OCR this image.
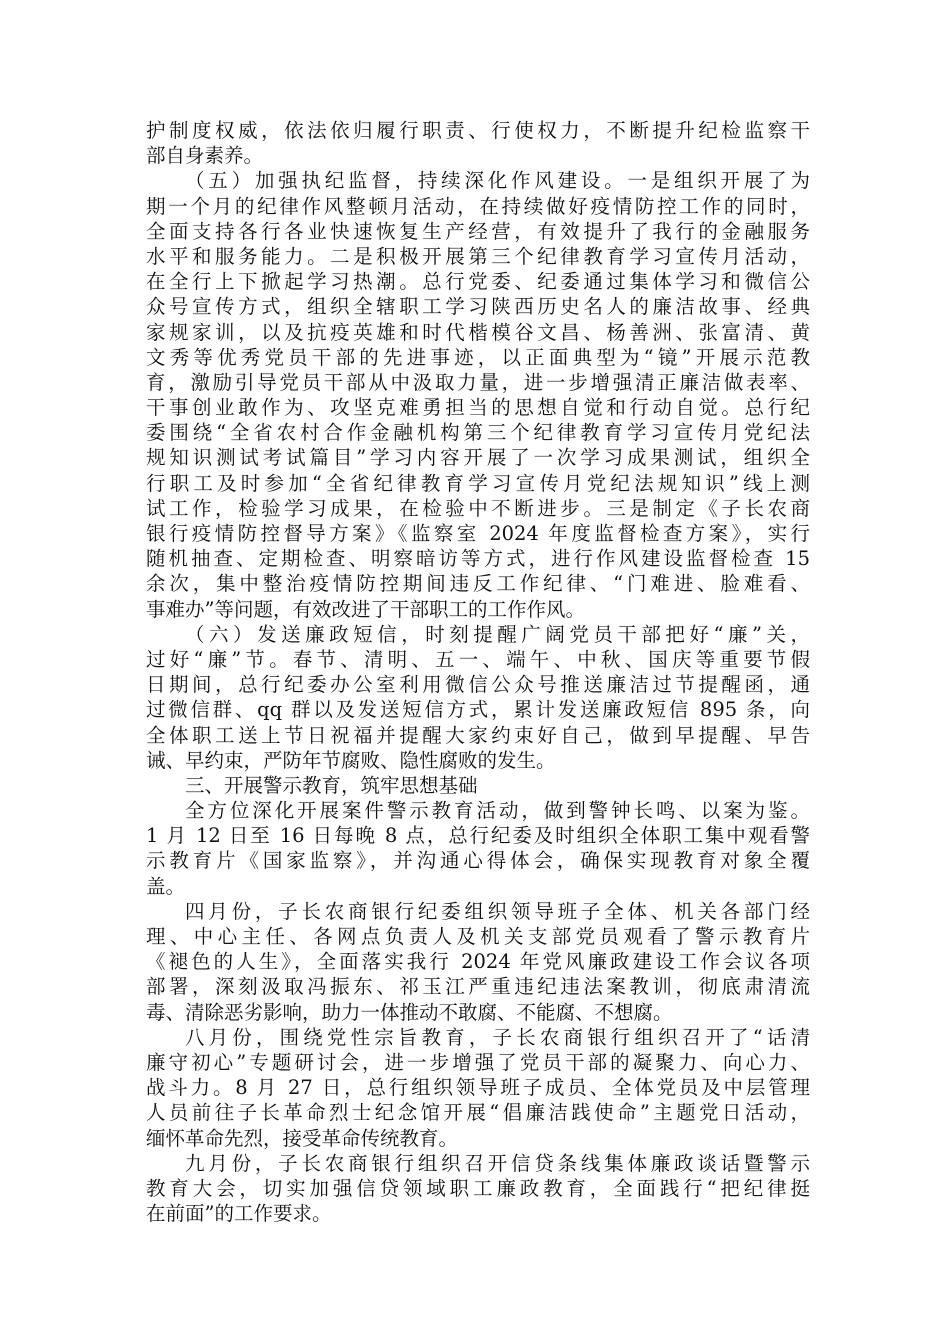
护制度权威，依法依归履行职责、行使权力，不断提升纪检监察干
部自身素养。
（五）加强执纪监督，持续深化作风建设。一是组织开展了为
期一个月的纪律作风整顿月活动，在持续做好疫情防控工作的同时，
全面支持各行各业快速恢复生产经营，有效提升了我行的金融服务
水平和服务能力。二是积极开展第三个纪律教育学习宣传月活动，
在全行上下掀起学习热潮。总行党委、纪委通过集体学习和微信公
众号宣传方式，组织全辖职工学习陕西历史名人的廉洁故事、经典
家规家训，以及抗疫英雄和时代楷模谷文昌、杨善洲、张富清、黄
文秀等优秀党员干部的先进事迹，以正面典型为“镜”开展示范教
育，激励引导党员干部从中汲取力量，进一步增强清正廉洁做表率、
干事创业敢作为、攻坚克难勇担当的思想自觉和行动自觉。总行纪
委围绕“全省农村合作金融机构第三个纪律教育学习宣传月党纪法
规知识测试考试篇目”学习内容开展了一次学习成果测试，组织全
行职工及时参加“全省纪律教育学习宣传月党纪法规知识”线上测
试工作，检验学习成果，在检验中不断进步。三是制定《子长农商
银行疫情防控督导方案》《监察室 2024 年度监督检查方案》，实行
随机抽查、定期检查、明察暗访等方式，进行作风建设监督检查 15
余次，集中整治疫情防控期间违反工作纪律、“门难进、脸难看、
事难办”等问题，有效改进了干部职工的工作作风。
（六）发送廉政短信，时刻提醒广阔党员干部把好“廉”关，
过好“廉”节。春节、清明、五一、端午、中秋、国庆等重要节假
日期间，总行纪委办公室利用微信公众号推送廉洁过节提醒函，通
过微信群、qq 群以及发送短信方式，累计发送廉政短信 895 条，向
全体职工送上节日祝福并提醒大家约束好自己，做到早提醒、早告
诫、早约束，严防年节腐败、隐性腐败的发生。
三、开展警示教育，筑牢思想基础
全方位深化开展案件警示教育活动，做到警钟长鸣、以案为鉴。
1 月 12 日至 16 日每晚 8 点，总行纪委及时组织全体职工集中观看警
示教育片《国家监察》，并沟通心得体会，确保实现教育对象全覆
盖。
四月份，子长农商银行纪委组织领导班子全体、机关各部门经
理、中心主任、各网点负责人及机关支部党员观看了警示教育片
《褪色的人生》，全面落实我行 2024 年党风廉政建设工作会议各项
部署，深刻汲取冯振东、祁玉江严重违纪违法案教训，彻底肃清流
毒、清除恶劣影响，助力一体推动不敢腐、不能腐、不想腐。
八月份，围绕党性宗旨教育，子长农商银行组织召开了“话清
廉守初心”专题研讨会，进一步增强了党员干部的凝聚力、向心力、
战斗力。8 月 27 日，总行组织领导班子成员、全体党员及中层管理
人员前往子长革命烈士纪念馆开展“倡廉洁践使命”主题党日活动，
缅怀革命先烈，接受革命传统教育。
九月份，子长农商银行组织召开信贷条线集体廉政谈话暨警示
教育大会，切实加强信贷领域职工廉政教育，全面践行“把纪律挺
在前面”的工作要求。
